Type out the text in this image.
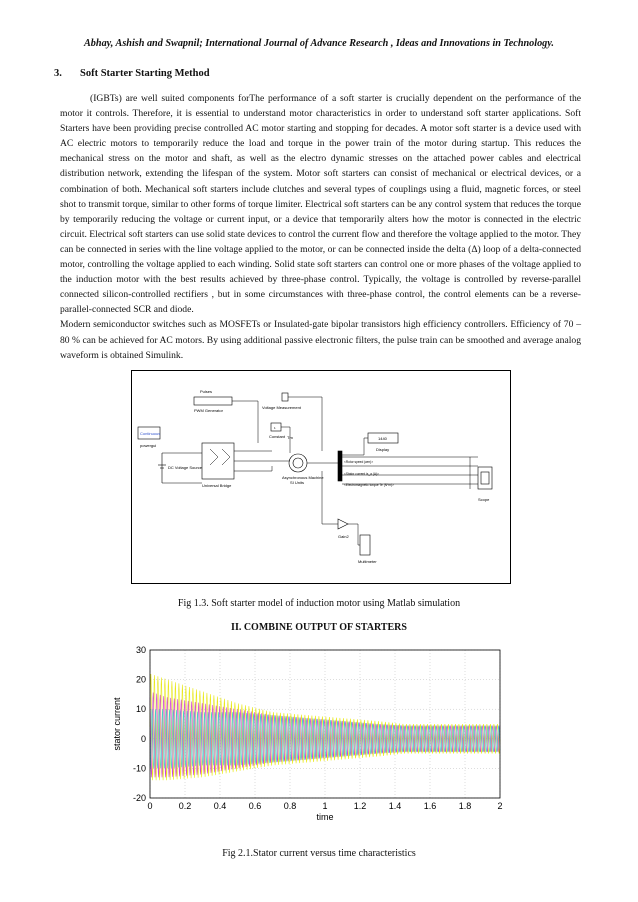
Abhay, Ashish and Swapnil; International Journal of Advance Research , Ideas and Innovations in Technology.
3. Soft Starter Starting Method

(IGBTs) are well suited components forThe performance of a soft starter is crucially dependent on the performance of the motor it controls. Therefore, it is essential to understand motor characteristics in order to understand soft starter applications. Soft Starters have been providing precise controlled AC motor starting and stopping for decades. A motor soft starter is a device used with AC electric motors to temporarily reduce the load and torque in the power train of the motor during startup. This reduces the mechanical stress on the motor and shaft, as well as the electro dynamic stresses on the attached power cables and electrical distribution network, extending the lifespan of the system. Motor soft starters can consist of mechanical or electrical devices, or a combination of both. Mechanical soft starters include clutches and several types of couplings using a fluid, magnetic forces, or steel shot to transmit torque, similar to other forms of torque limiter. Electrical soft starters can be any control system that reduces the torque by temporarily reducing the voltage or current input, or a device that temporarily alters how the motor is connected in the electric circuit. Electrical soft starters can use solid state devices to control the current flow and therefore the voltage applied to the motor. They can be connected in series with the line voltage applied to the motor, or can be connected inside the delta (Δ) loop of a delta-connected motor, controlling the voltage applied to each winding. Solid state soft starters can control one or more phases of the voltage applied to the induction motor with the best results achieved by three-phase control. Typically, the voltage is controlled by reverse-parallel connected silicon-controlled rectifiers , but in some circumstances with three-phase control, the control elements can be a reverse-parallel-connected SCR and diode.

Modern semiconductor switches such as MOSFETs or Insulated-gate bipolar transistors high efficiency controllers. Efficiency of 70 – 80 % can be achieved for AC motors. By using additional passive electronic filters, the pulse train can be smoothed and average analog waveform is obtained Simulink.

Continuous
powergui
Pulses
PWM Generator
Voltage Measurement
1
Constant
DC Voltage Source
Universal Bridge
Tm
Asynchronous Machine
SI Units
<Rotor speed (wm)>
<Stator current is_a (A)>
<Electromagnetic torque Te (N*m)>
1440
Display
Scope
Gain2
Multimeter
Fig 1.3. Soft starter model of induction motor using Matlab simulation
II. COMBINE OUTPUT OF STARTERS
0	0.2 0.4 0.6 0.8	1	1.2 1.4 1.6 1.8	2
30
20
10
0
-10
-20
time
stator current
Fig 2.1.Stator current versus time characteristics
